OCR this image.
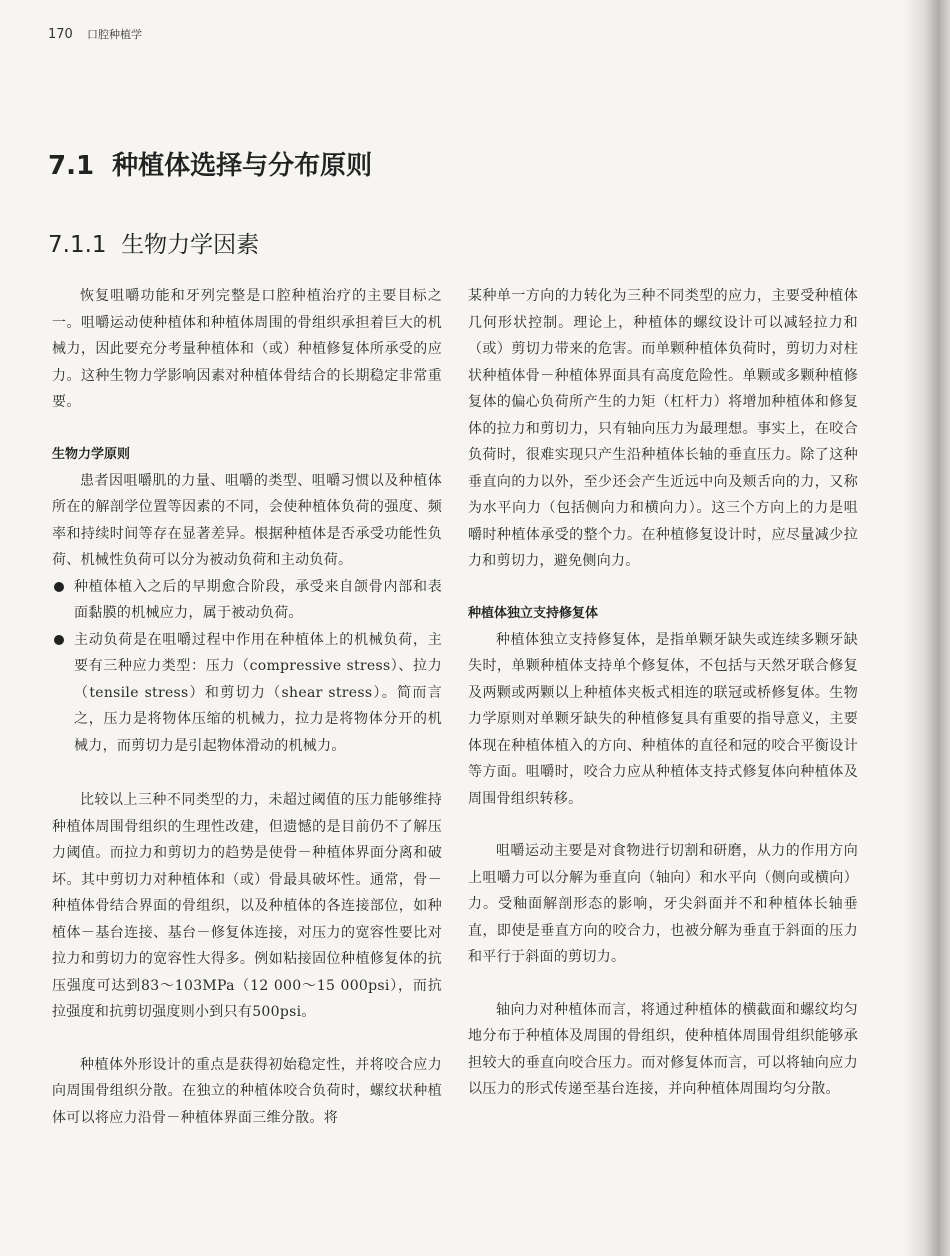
170 口腔种植学
7.1  种植体选择与分布原则
7.1.1  生物力学因素

恢复咀嚼功能和牙列完整是口腔种植治疗的主要目标之一。咀嚼运动使种植体和种植体周围的骨组织承担着巨大的机械力，因此要充分考量种植体和（或）种植修复体所承受的应力。这种生物力学影响因素对种植体骨结合的长期稳定非常重要。

生物力学原则

患者因咀嚼肌的力量、咀嚼的类型、咀嚼习惯以及种植体所在的解剖学位置等因素的不同，会使种植体负荷的强度、频率和持续时间等存在显著差异。根据种植体是否承受功能性负荷、机械性负荷可以分为被动负荷和主动负荷。

种植体植入之后的早期愈合阶段，承受来自颌骨内部和表面黏膜的机械应力，属于被动负荷。
主动负荷是在咀嚼过程中作用在种植体上的机械负荷，主要有三种应力类型：压力（compressive stress）、拉力（tensile stress）和剪切力（shear stress）。简而言之，压力是将物体压缩的机械力，拉力是将物体分开的机械力，而剪切力是引起物体滑动的机械力。

比较以上三种不同类型的力，未超过阈值的压力能够维持种植体周围骨组织的生理性改建，但遗憾的是目前仍不了解压力阈值。而拉力和剪切力的趋势是使骨－种植体界面分离和破坏。其中剪切力对种植体和（或）骨最具破坏性。通常，骨－种植体骨结合界面的骨组织，以及种植体的各连接部位，如种植体－基台连接、基台－修复体连接，对压力的宽容性要比对拉力和剪切力的宽容性大得多。例如粘接固位种植修复体的抗压强度可达到83～103MPa（12 000～15 000psi），而抗拉强度和抗剪切强度则小到只有500psi。

种植体外形设计的重点是获得初始稳定性，并将咬合应力向周围骨组织分散。在独立的种植体咬合负荷时，螺纹状种植体可以将应力沿骨－种植体界面三维分散。将

某种单一方向的力转化为三种不同类型的应力，主要受种植体几何形状控制。理论上，种植体的螺纹设计可以减轻拉力和（或）剪切力带来的危害。而单颗种植体负荷时，剪切力对柱状种植体骨－种植体界面具有高度危险性。单颗或多颗种植修复体的偏心负荷所产生的力矩（杠杆力）将增加种植体和修复体的拉力和剪切力，只有轴向压力为最理想。事实上，在咬合负荷时，很难实现只产生沿种植体长轴的垂直压力。除了这种垂直向的力以外，至少还会产生近远中向及颊舌向的力，又称为水平向力（包括侧向力和横向力）。这三个方向上的力是咀嚼时种植体承受的整个力。在种植修复设计时，应尽量减少拉力和剪切力，避免侧向力。

种植体独立支持修复体

种植体独立支持修复体，是指单颗牙缺失或连续多颗牙缺失时，单颗种植体支持单个修复体，不包括与天然牙联合修复及两颗或两颗以上种植体夹板式相连的联冠或桥修复体。生物力学原则对单颗牙缺失的种植修复具有重要的指导意义，主要体现在种植体植入的方向、种植体的直径和冠的咬合平衡设计等方面。咀嚼时，咬合力应从种植体支持式修复体向种植体及周围骨组织转移。

咀嚼运动主要是对食物进行切割和研磨，从力的作用方向上咀嚼力可以分解为垂直向（轴向）和水平向（侧向或横向）力。受釉面解剖形态的影响，牙尖斜面并不和种植体长轴垂直，即使是垂直方向的咬合力，也被分解为垂直于斜面的压力和平行于斜面的剪切力。

轴向力对种植体而言，将通过种植体的横截面和螺纹均匀地分布于种植体及周围的骨组织，使种植体周围骨组织能够承担较大的垂直向咬合压力。而对修复体而言，可以将轴向应力以压力的形式传递至基台连接，并向种植体周围均匀分散。
